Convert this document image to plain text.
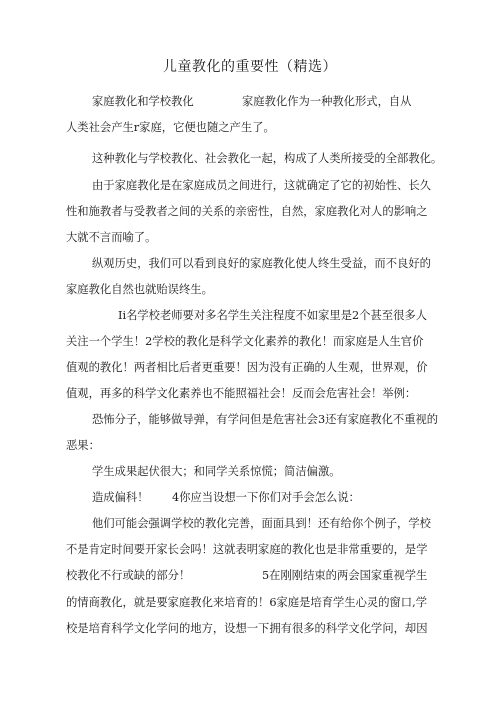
儿童教化的重要性（精选）
家庭教化和学校教化	家庭教化作为一种教化形式，自从
人类社会产生r家庭，它便也随之产生了。
这种教化与学校教化、社会教化一起，构成了人类所接受的全部教化。
由于家庭教化是在家庭成员之间进行，这就确定了它的初始性、长久
性和施教者与受教者之间的关系的亲密性，自然，家庭教化对人的影响之
大就不言而喻了。
纵观历史，我们可以看到良好的家庭教化使人终生受益，而不良好的
家庭教化自然也就贻误终生。
Ii名学校老师要对多名学生关注程度不如家里是2个甚至很多人
关注一个学生！2学校的教化是科学文化素养的教化！而家庭是人生官价
值观的教化！两者相比后者更重要！因为没有正确的人生观，世界观，价
值观，再多的科学文化素养也不能照福社会！反而会危害社会！举例：
恐怖分子，能够做导弹，有学问但是危害社会3还有家庭教化不重视的
恶果：
学生成果起伏很大；和同学关系惊慌；简洁偏激。
造成偏科！ 4你应当设想一下你们对手会怎么说：
他们可能会强调学校的教化完善，面面具到！还有给你个例子，学校
不是肯定时间要开家长会吗！这就表明家庭的教化也是非常重要的，是学
校教化不行或缺的部分！	5在刚刚结束的两会国家重视学生
的情商教化，就是要家庭教化来培育的！6家庭是培育学生心灵的窗口,学
校是培育科学文化学问的地方，设想一下拥有很多的科学文化学问，却因
